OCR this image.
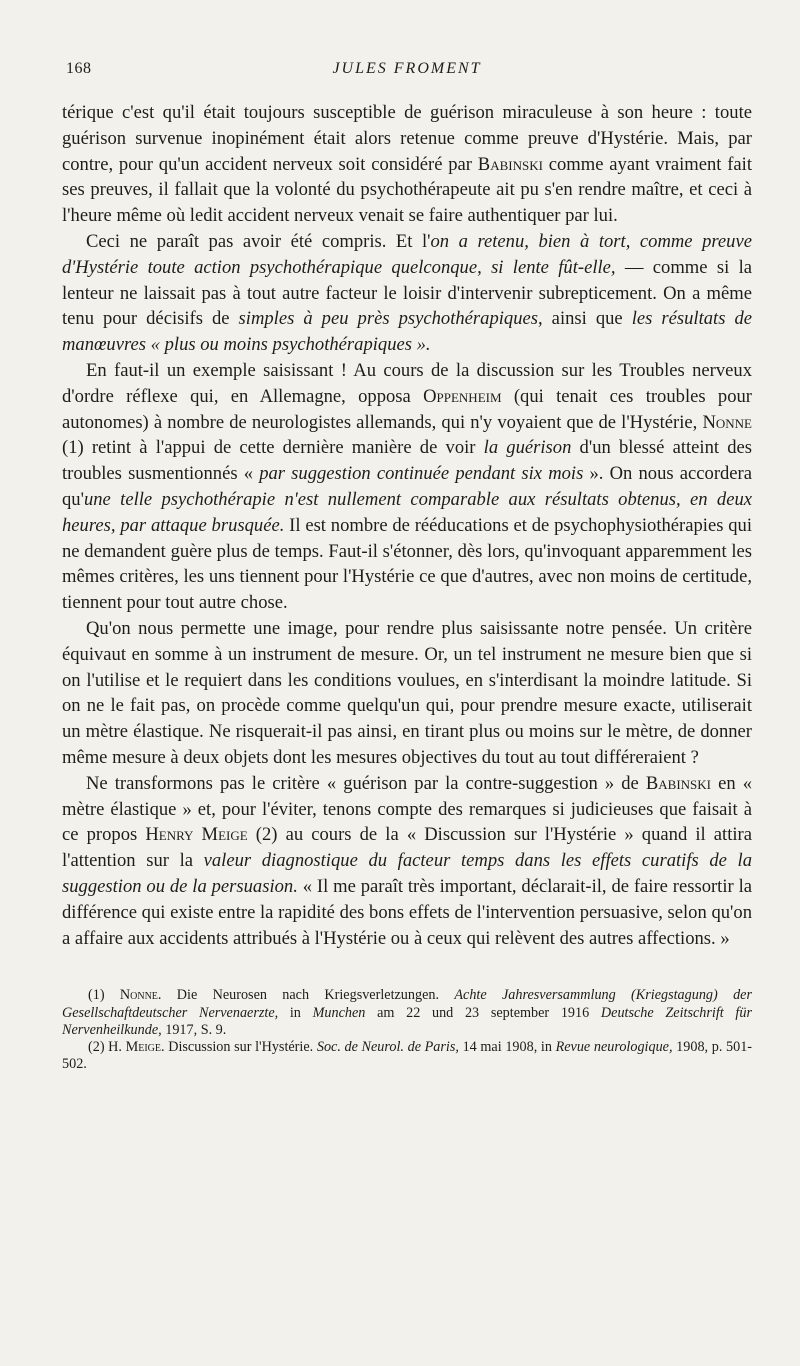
168	JULES FROMENT

térique c'est qu'il était toujours susceptible de guérison miraculeuse à son heure : toute guérison survenue inopinément était alors retenue comme preuve d'Hystérie. Mais, par contre, pour qu'un accident nerveux soit considéré par Babinski comme ayant vraiment fait ses preuves, il fallait que la volonté du psychothérapeute ait pu s'en rendre maître, et ceci à l'heure même où ledit accident nerveux venait se faire authentiquer par lui.

Ceci ne paraît pas avoir été compris. Et l'on a retenu, bien à tort, comme preuve d'Hystérie toute action psychothérapique quelconque, si lente fût-elle, — comme si la lenteur ne laissait pas à tout autre facteur le loisir d'intervenir subrepticement. On a même tenu pour décisifs de simples à peu près psychothérapiques, ainsi que les résultats de manœuvres « plus ou moins psychothérapiques ».

En faut-il un exemple saisissant ! Au cours de la discussion sur les Troubles nerveux d'ordre réflexe qui, en Allemagne, opposa Oppenheim (qui tenait ces troubles pour autonomes) à nombre de neurologistes allemands, qui n'y voyaient que de l'Hystérie, Nonne (1) retint à l'appui de cette dernière manière de voir la guérison d'un blessé atteint des troubles susmentionnés « par suggestion continuée pendant six mois ». On nous accordera qu'une telle psychothérapie n'est nullement comparable aux résultats obtenus, en deux heures, par attaque brusquée. Il est nombre de rééducations et de psychophysiothérapies qui ne demandent guère plus de temps. Faut-il s'étonner, dès lors, qu'invoquant apparemment les mêmes critères, les uns tiennent pour l'Hystérie ce que d'autres, avec non moins de certitude, tiennent pour tout autre chose.

Qu'on nous permette une image, pour rendre plus saisissante notre pensée. Un critère équivaut en somme à un instrument de mesure. Or, un tel instrument ne mesure bien que si on l'utilise et le requiert dans les conditions voulues, en s'interdisant la moindre latitude. Si on ne le fait pas, on procède comme quelqu'un qui, pour prendre mesure exacte, utiliserait un mètre élastique. Ne risquerait-il pas ainsi, en tirant plus ou moins sur le mètre, de donner même mesure à deux objets dont les mesures objectives du tout au tout différeraient ?

Ne transformons pas le critère « guérison par la contre-suggestion » de Babinski en « mètre élastique » et, pour l'éviter, tenons compte des remarques si judicieuses que faisait à ce propos Henry Meige (2) au cours de la « Discussion sur l'Hystérie » quand il attira l'attention sur la valeur diagnostique du facteur temps dans les effets curatifs de la suggestion ou de la persuasion. « Il me paraît très important, déclarait-il, de faire ressortir la différence qui existe entre la rapidité des bons effets de l'intervention persuasive, selon qu'on a affaire aux accidents attribués à l'Hystérie ou à ceux qui relèvent des autres affections. »

(1) Nonne. Die Neurosen nach Kriegsverletzungen. Achte Jahresversammlung (Kriegstagung) der Gesellschaftdeutscher Nervenaerzte, in Munchen am 22 und 23 september 1916 Deutsche Zeitschrift für Nervenheilkunde, 1917, S. 9.

(2) H. Meige. Discussion sur l'Hystérie. Soc. de Neurol. de Paris, 14 mai 1908, in Revue neurologique, 1908, p. 501-502.
